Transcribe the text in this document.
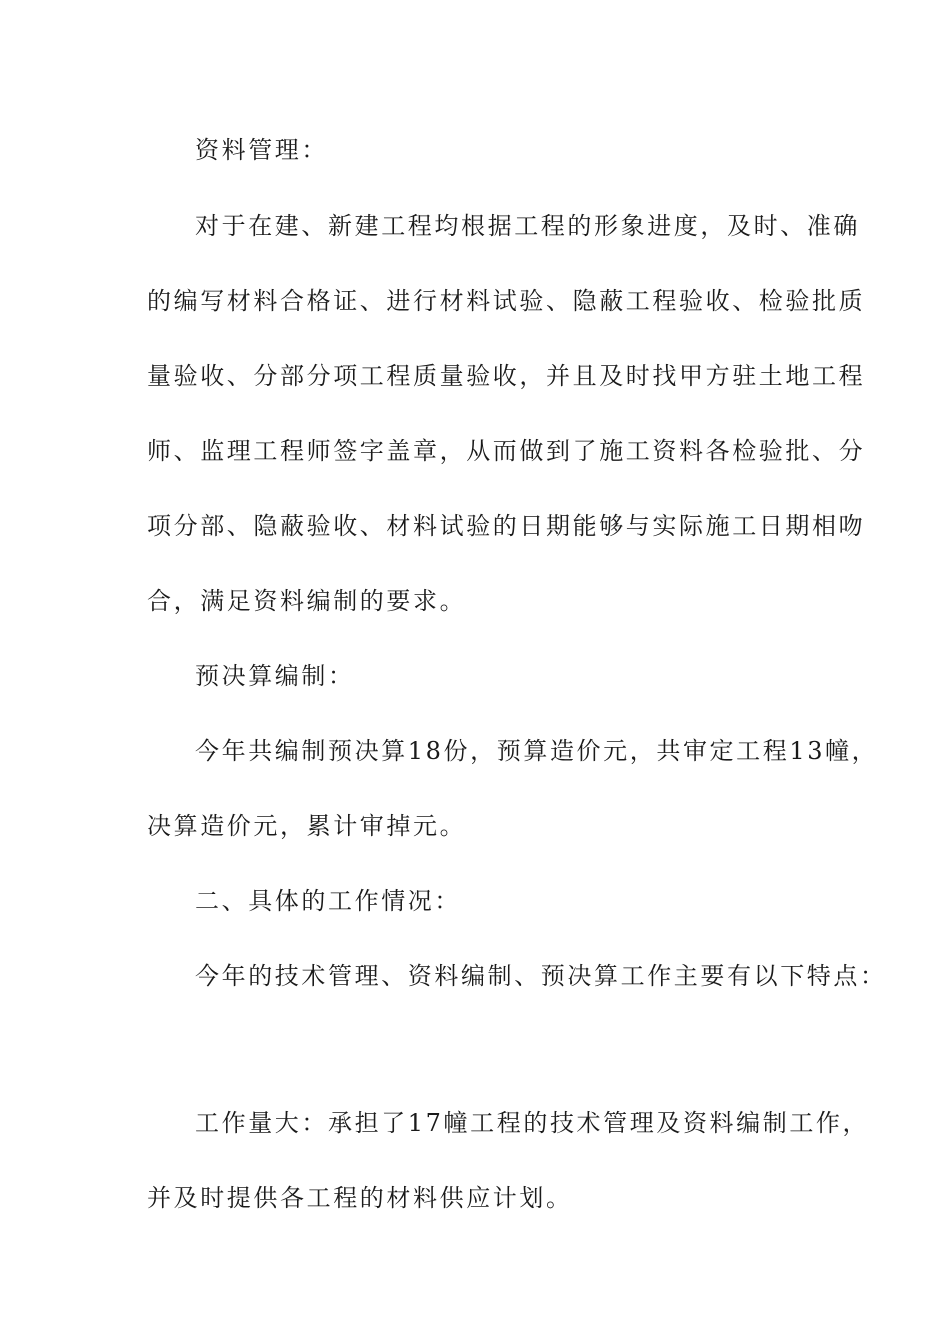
资料管理：
对于在建、新建工程均根据工程的形象进度，及时、准确
的编写材料合格证、进行材料试验、隐蔽工程验收、检验批质
量验收、分部分项工程质量验收，并且及时找甲方驻土地工程
师、监理工程师签字盖章，从而做到了施工资料各检验批、分
项分部、隐蔽验收、材料试验的日期能够与实际施工日期相吻
合，满足资料编制的要求。
预决算编制：
今年共编制预决算18份，预算造价元，共审定工程13幢，
决算造价元，累计审掉元。
二、具体的工作情况：
今年的技术管理、资料编制、预决算工作主要有以下特点：
工作量大：承担了17幢工程的技术管理及资料编制工作，
并及时提供各工程的材料供应计划。
